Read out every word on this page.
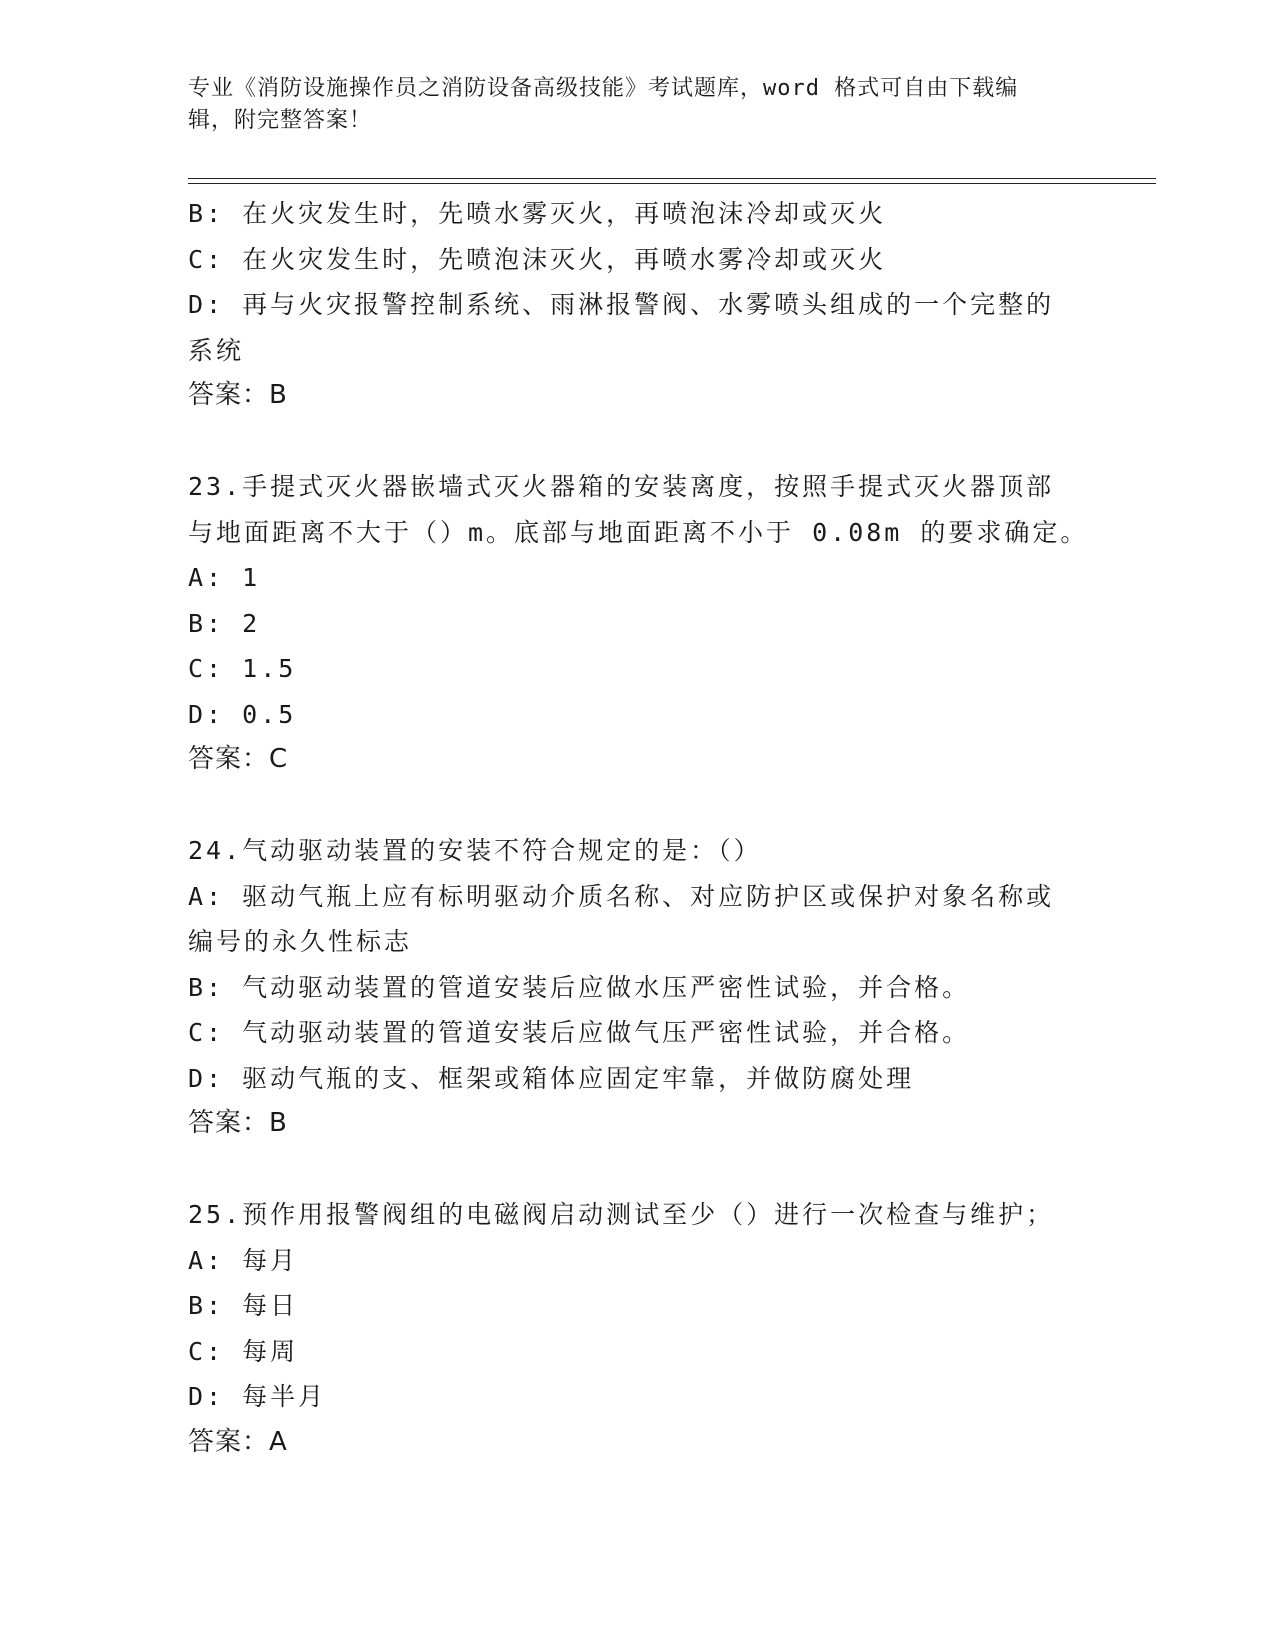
专业《消防设施操作员之消防设备高级技能》考试题库，word 格式可自由下载编
辑，附完整答案！
B: 在火灾发生时，先喷水雾灭火，再喷泡沫冷却或灭火
C: 在火灾发生时，先喷泡沫灭火，再喷水雾冷却或灭火
D: 再与火灾报警控制系统、雨淋报警阀、水雾喷头组成的一个完整的
系统
答案：B
23.手提式灭火器嵌墙式灭火器箱的安装离度，按照手提式灭火器顶部
与地面距离不大于（）m。底部与地面距离不小于 0.08m 的要求确定。
A: 1
B: 2
C: 1.5
D: 0.5
答案：C
24.气动驱动装置的安装不符合规定的是：（）
A: 驱动气瓶上应有标明驱动介质名称、对应防护区或保护对象名称或
编号的永久性标志
B: 气动驱动装置的管道安装后应做水压严密性试验，并合格。
C: 气动驱动装置的管道安装后应做气压严密性试验，并合格。
D: 驱动气瓶的支、框架或箱体应固定牢靠，并做防腐处理
答案：B
25.预作用报警阀组的电磁阀启动测试至少（）进行一次检查与维护；
A: 每月
B: 每日
C: 每周
D: 每半月
答案：A
